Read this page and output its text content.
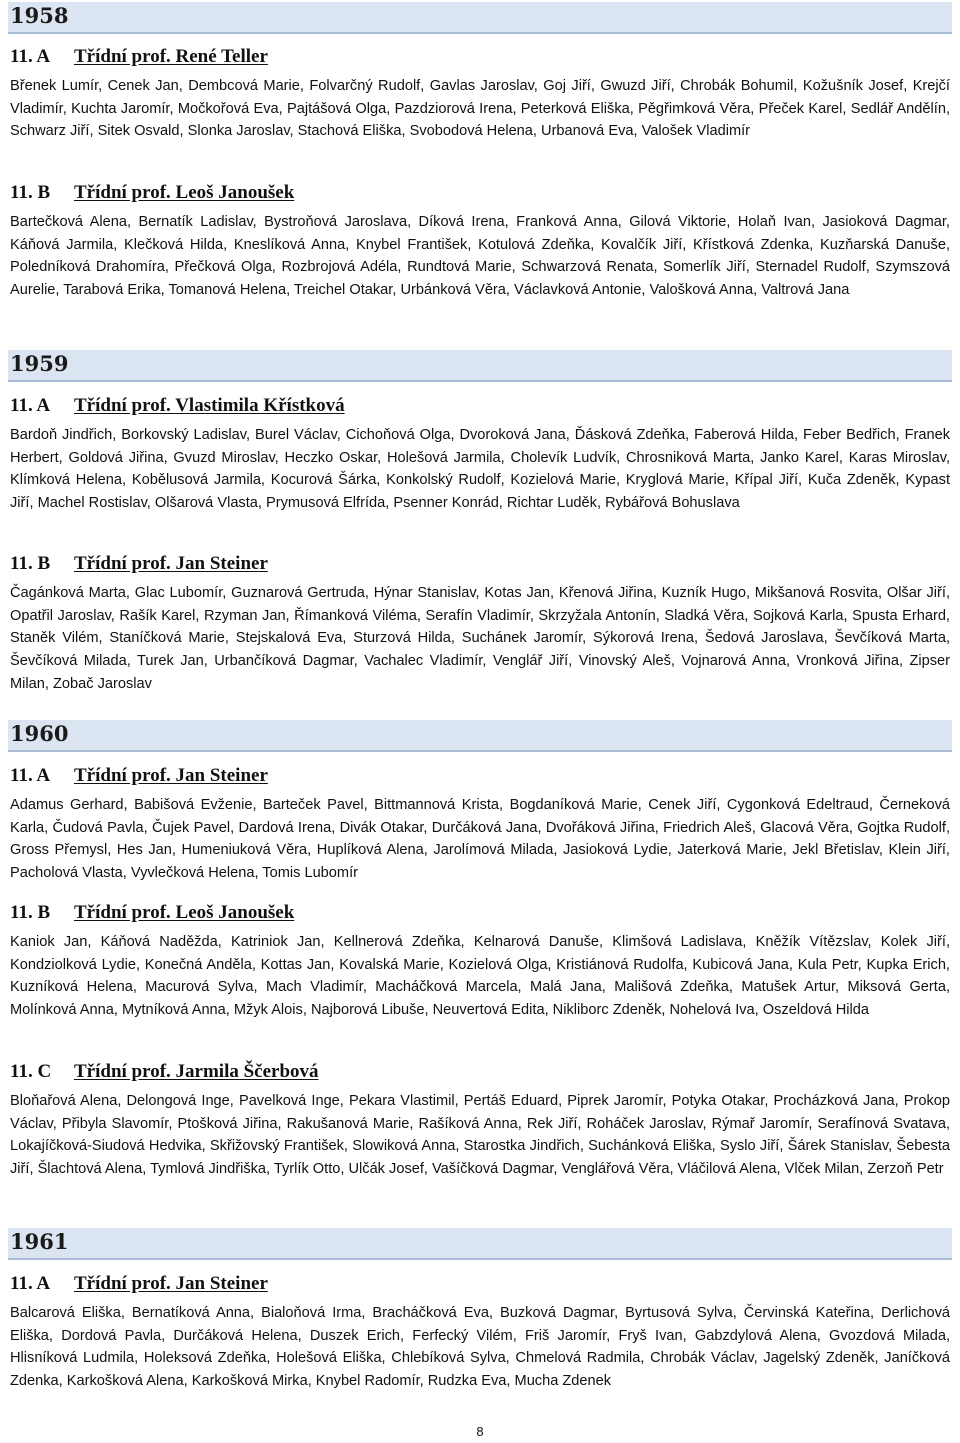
1958
11. A Třídní prof. René Teller

Břenek Lumír, Cenek Jan, Dembcová Marie, Folvarčný Rudolf, Gavlas Jaroslav, Goj Jiří, Gwuzd Jiří, Chrobák Bohumil, Kožušník Josef, Krejčí Vladimír, Kuchta Jaromír, Močkořová Eva, Pajtášová Olga, Pazdziorová Irena, Peterková Eliška, Pěgřimková Věra, Přeček Karel, Sedlář Andělín, Schwarz Jiří, Sitek Osvald, Slonka Jaroslav, Stachová Eliška, Svobodová Helena, Urbanová Eva, Valošek Vladimír

11. B Třídní prof. Leoš Janoušek

Bartečková Alena, Bernatík Ladislav, Bystroňová Jaroslava, Díková Irena, Franková Anna, Gilová Viktorie, Holaň Ivan, Jasioková Dagmar, Káňová Jarmila, Klečková Hilda, Kneslíková Anna, Knybel František, Kotulová Zdeňka, Kovalčík Jiří, Křístková Zdenka, Kuzňarská Danuše, Poledníková Drahomíra, Přečková Olga, Rozbrojová Adéla, Rundtová Marie, Schwarzová Renata, Somerlík Jiří, Sternadel Rudolf, Szymszová Aurelie, Tarabová Erika, Tomanová Helena, Treichel Otakar, Urbánková Věra, Václavková Antonie, Valošková Anna, Valtrová Jana

1959
11. A Třídní prof. Vlastimila Křístková

Bardoň Jindřich, Borkovský Ladislav, Burel Václav, Cichoňová Olga, Dvoroková Jana, Ďásková Zdeňka, Faberová Hilda, Feber Bedřich, Franek Herbert, Goldová Jiřina, Gvuzd Miroslav, Heczko Oskar, Holešová Jarmila, Cholevík Ludvík, Chrosniková Marta, Janko Karel, Karas Miroslav, Klímková Helena, Kobělusová Jarmila, Kocurová Šárka, Konkolský Rudolf, Kozielová Marie, Kryglová Marie, Křípal Jiří, Kuča Zdeněk, Kypast Jiří, Machel Rostislav, Olšarová Vlasta, Prymusová Elfrída, Psenner Konrád, Richtar Luděk, Rybářová Bohuslava

11. B Třídní prof. Jan Steiner

Čagánková Marta, Glac Lubomír, Guznarová Gertruda, Hýnar Stanislav, Kotas Jan, Křenová Jiřina, Kuzník Hugo, Mikšanová Rosvita, Olšar Jiří, Opatřil Jaroslav, Rašík Karel, Rzyman Jan, Římanková Viléma, Serafín Vladimír, Skrzyžala Antonín, Sladká Věra, Sojková Karla, Spusta Erhard, Staněk Vilém, Staníčková Marie, Stejskalová Eva, Sturzová Hilda, Suchánek Jaromír, Sýkorová Irena, Šedová Jaroslava, Ševčíková Marta, Ševčíková Milada, Turek Jan, Urbančíková Dagmar, Vachalec Vladimír, Venglář Jiří, Vinovský Aleš, Vojnarová Anna, Vronková Jiřina, Zipser Milan, Zobač Jaroslav

1960
11. A Třídní prof. Jan Steiner

Adamus Gerhard, Babišová Evženie, Barteček Pavel, Bittmannová Krista, Bogdaníková Marie, Cenek Jiří, Cygonková Edeltraud, Černeková Karla, Čudová Pavla, Čujek Pavel, Dardová Irena, Divák Otakar, Durčáková Jana, Dvořáková Jiřina, Friedrich Aleš, Glacová Věra, Gojtka Rudolf, Gross Přemysl, Hes Jan, Humeniuková Věra, Huplíková Alena, Jarolímová Milada, Jasioková Lydie, Jaterková Marie, Jekl Břetislav, Klein Jiří, Pacholová Vlasta, Vyvlečková Helena, Tomis Lubomír

11. B Třídní prof. Leoš Janoušek

Kaniok Jan, Káňová Naděžda, Katriniok Jan, Kellnerová Zdeňka, Kelnarová Danuše, Klimšová Ladislava, Kněžík Vítězslav, Kolek Jiří, Kondziolková Lydie, Konečná Anděla, Kottas Jan, Kovalská Marie, Kozielová Olga, Kristiánová Rudolfa, Kubicová Jana, Kula Petr, Kupka Erich, Kuzníková Helena, Macurová Sylva, Mach Vladimír, Macháčková Marcela, Malá Jana, Mališová Zdeňka, Matušek Artur, Miksová Gerta, Molínková Anna, Mytníková Anna, Mžyk Alois, Najborová Libuše, Neuvertová Edita, Nikliborc Zdeněk, Nohelová Iva, Oszeldová Hilda

11. C Třídní prof. Jarmila Ščerbová

Bloňařová Alena, Delongová Inge, Pavelková Inge, Pekara Vlastimil, Pertáš Eduard, Piprek Jaromír, Potyka Otakar, Procházková Jana, Prokop Václav, Přibyla Slavomír, Ptošková Jiřina, Rakušanová Marie, Rašíková Anna, Rek Jiří, Roháček Jaroslav, Rýmař Jaromír, Serafínová Svatava, Lokajíčková-Siudová Hedvika, Skřižovský František, Slowiková Anna, Starostka Jindřich, Suchánková Eliška, Syslo Jiří, Šárek Stanislav, Šebesta Jiří, Šlachtová Alena, Tymlová Jindřiška, Tyrlík Otto, Ulčák Josef, Vašíčková Dagmar, Venglářová Věra, Vláčilová Alena, Vlček Milan, Zerzoň Petr

1961
11. A Třídní prof. Jan Steiner

Balcarová Eliška, Bernatíková Anna, Bialoňová Irma, Bracháčková Eva, Buzková Dagmar, Byrtusová Sylva, Červinská Kateřina, Derlichová Eliška, Dordová Pavla, Durčáková Helena, Duszek Erich, Ferfecký Vilém, Friš Jaromír, Fryš Ivan, Gabzdylová Alena, Gvozdová Milada, Hlisníková Ludmila, Holeksová Zdeňka, Holešová Eliška, Chlebíková Sylva, Chmelová Radmila, Chrobák Václav, Jagelský Zdeněk, Janíčková Zdenka, Karkošková Alena, Karkošková Mirka, Knybel Radomír, Rudzka Eva, Mucha Zdenek

8
